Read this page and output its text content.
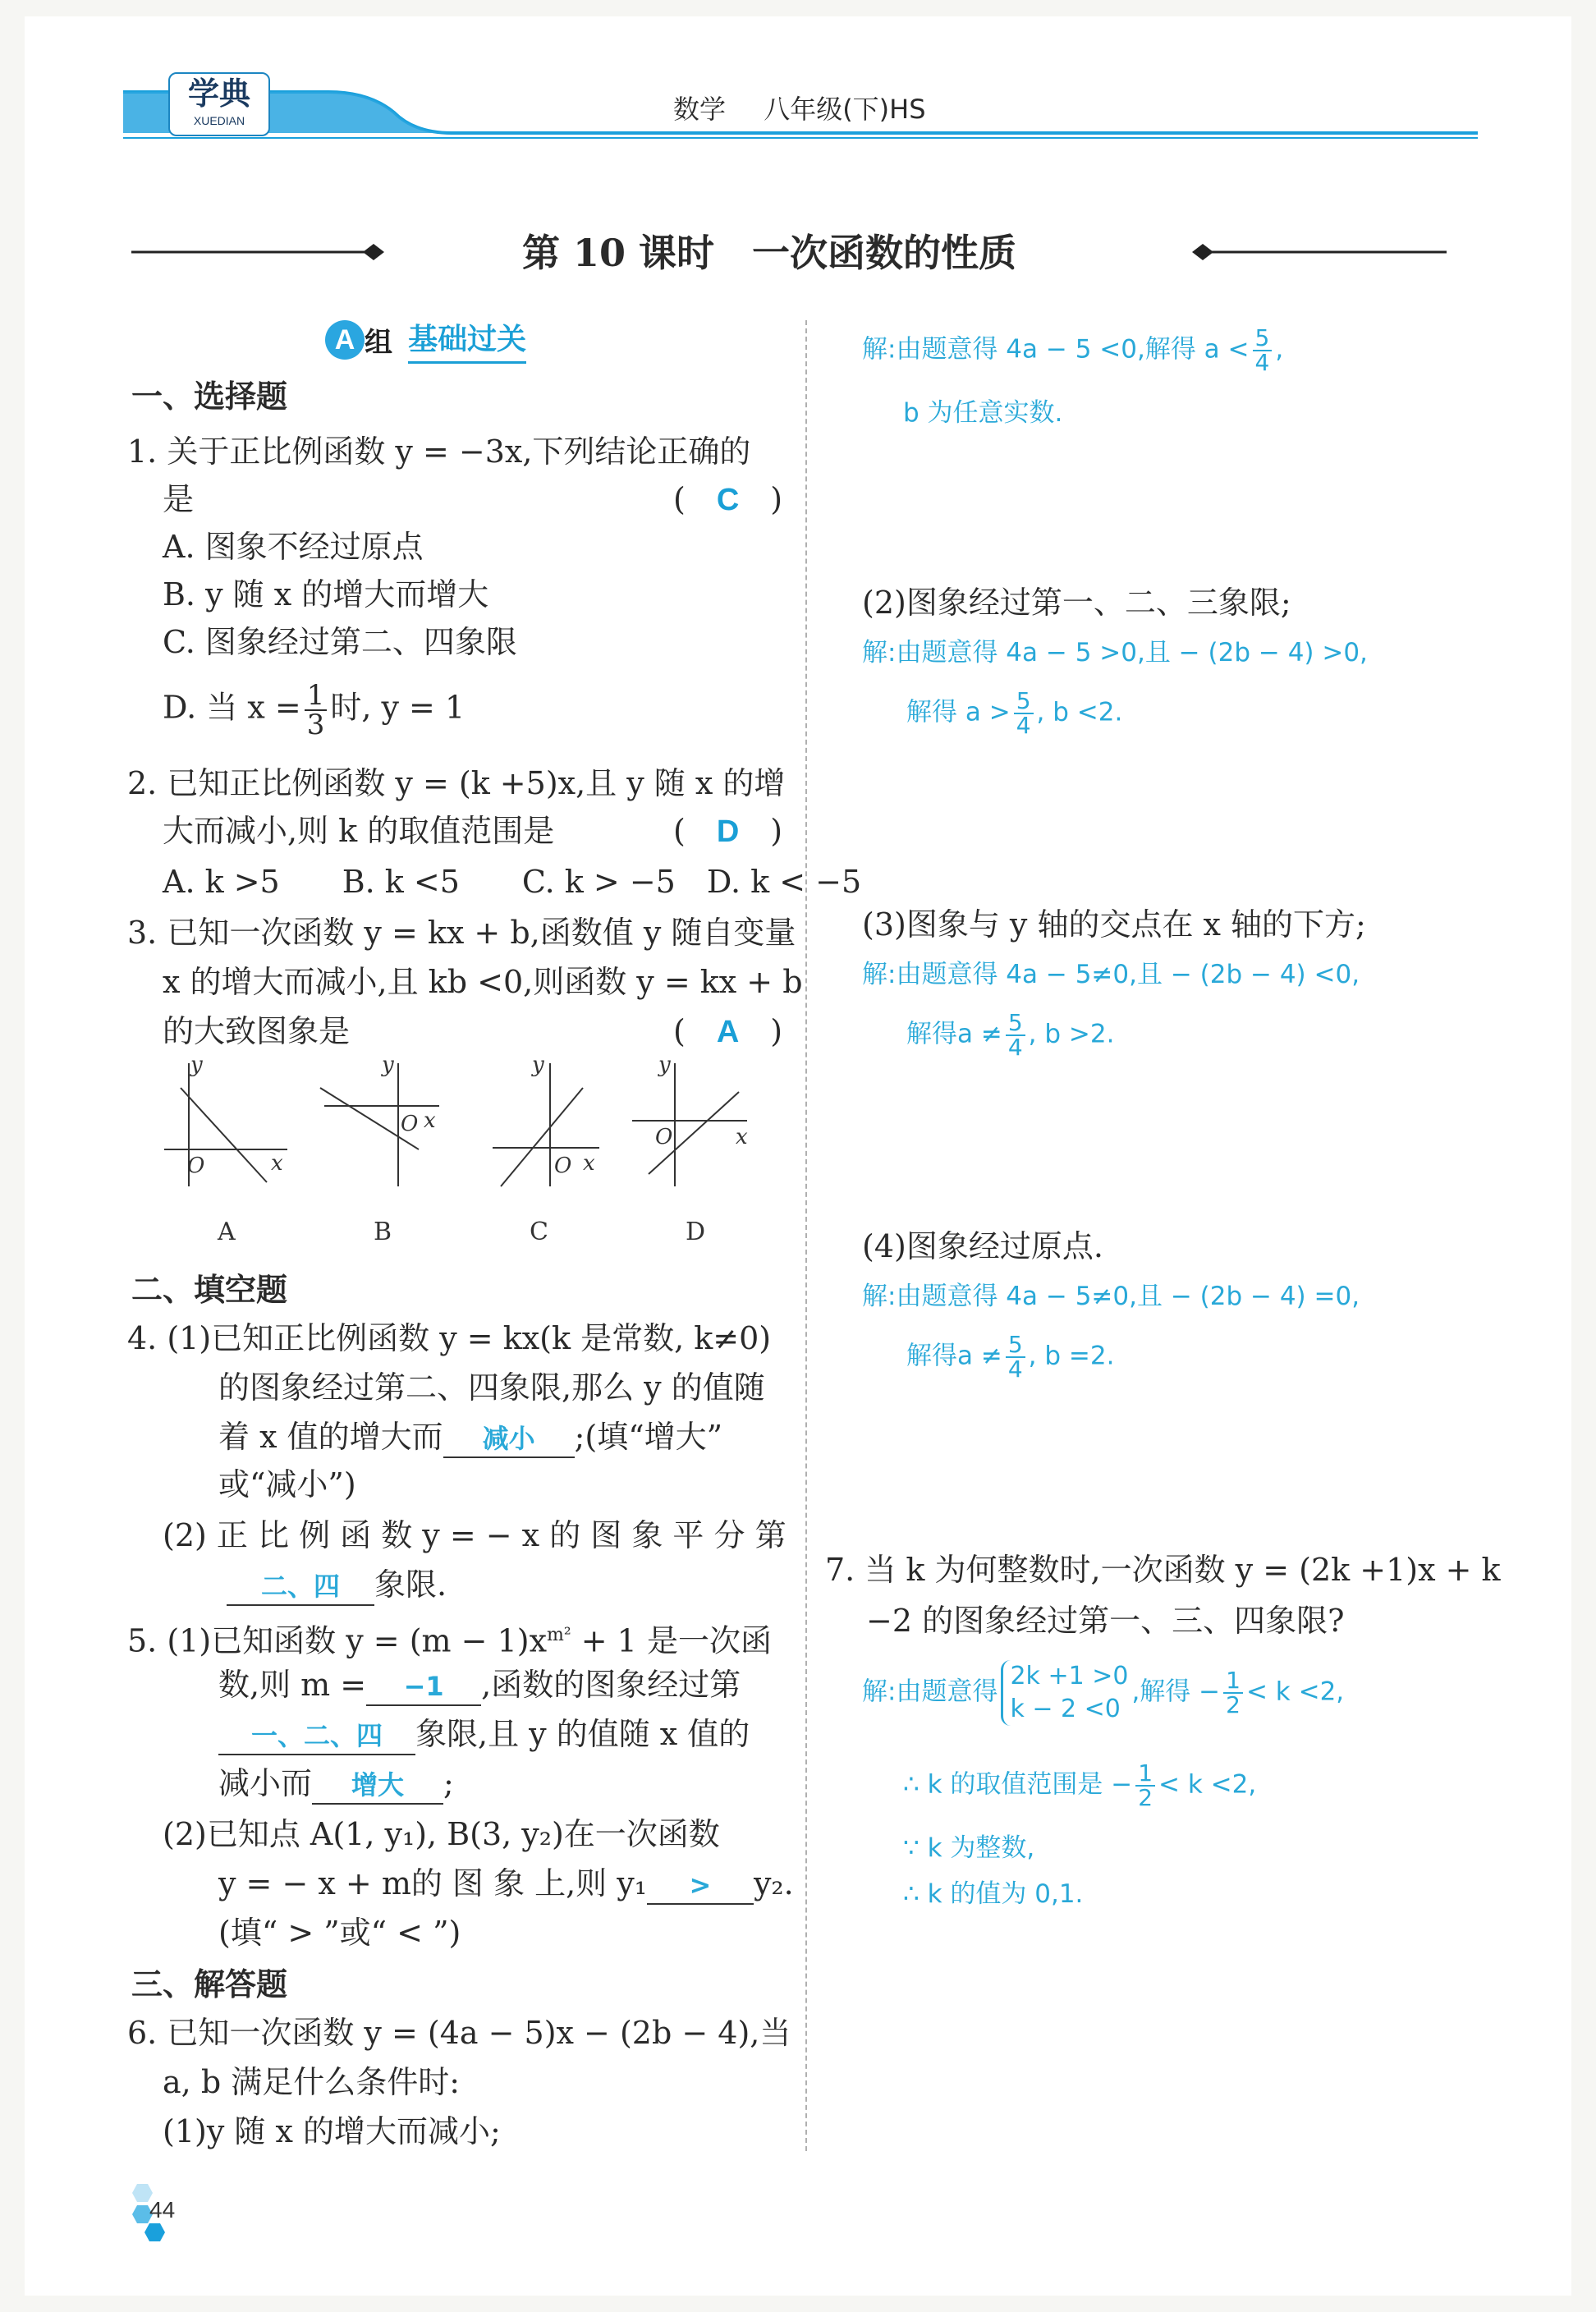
学典
XUEDIAN	数学 八年级(下)HS
第 10 课时　一次函数的性质
A 组 基础过关
一、选择题
1. 关于正比例函数 y = −3x,下列结论正确的
是	(　C　)
A. 图象不经过原点
B. y 随 x 的增大而增大
C. 图象经过第二、四象限
D. 当 $x = \frac{1}{3}$ 时, y = 1
2. 已知正比例函数 y = (k +5)x,且 y 随 x 的增
大而减小,则 k 的取值范围是	(　D　)
A. k >5　　B. k <5　　C. k > −5　D. k < −5
3. 已知一次函数 y = kx + b,函数值 y 随自变量
x 的增大而减小,且 kb <0,则函数 y = kx + b
的大致图象是	(　A　)
y
x
O
y
x
O
y
x
O
y
x
O
A	B	C	D
二、填空题
4. (1)已知正比例函数 y = kx(k 是常数, k≠0)
的图象经过第二、四象限,那么 y 的值随
着 x 值的增大而 减小 ;(填“增大”
或“减小”)
(2) 正 比 例 函 数 y = − x 的 图 象 平 分 第
二、四 象限.
5. (1)已知函数 $y = (m - 1)x^{m^2} + 1$ 是一次函
数,则 m = −1 ,函数的图象经过第
一、二、四 象限,且 y 的值随 x 值的
减小而 增大 ;
(2)已知点 A(1, y₁), B(3, y₂)在一次函数
y = − x + m的 图 象 上,则 y₁ > y₂.
(填“ > ”或“ < ”)
三、解答题
6. 已知一次函数 y = (4a − 5)x − (2b − 4),当
a, b 满足什么条件时:
(1)y 随 x 的增大而减小;
解:由题意得 4a − 5 <0,解得 $a < \frac{5}{4}$ ,
b 为任意实数.
(2)图象经过第一、二、三象限;
解:由题意得 4a − 5 >0,且 − (2b − 4) >0,
解得 $a > \frac{5}{4}$ , b <2.
(3)图象与 y 轴的交点在 x 轴的下方;
解:由题意得 4a − 5≠0,且 − (2b − 4) <0,
解得$a \ne \frac{5}{4}$ , b >2.
(4)图象经过原点.
解:由题意得 4a − 5≠0,且 − (2b − 4) =0,
解得$a \ne \frac{5}{4}$ , b =2.
7. 当 k 为何整数时,一次函数 y = (2k +1)x + k
−2 的图象经过第一、三、四象限?
解:由题意得
2k +1 >0
k − 2 <0
,解得 − $\frac{1}{2} < k <2$,
∴ k 的取值范围是 − $\frac{1}{2} < k <2$,
∵ k 为整数,
∴ k 的值为 0,1.
44
